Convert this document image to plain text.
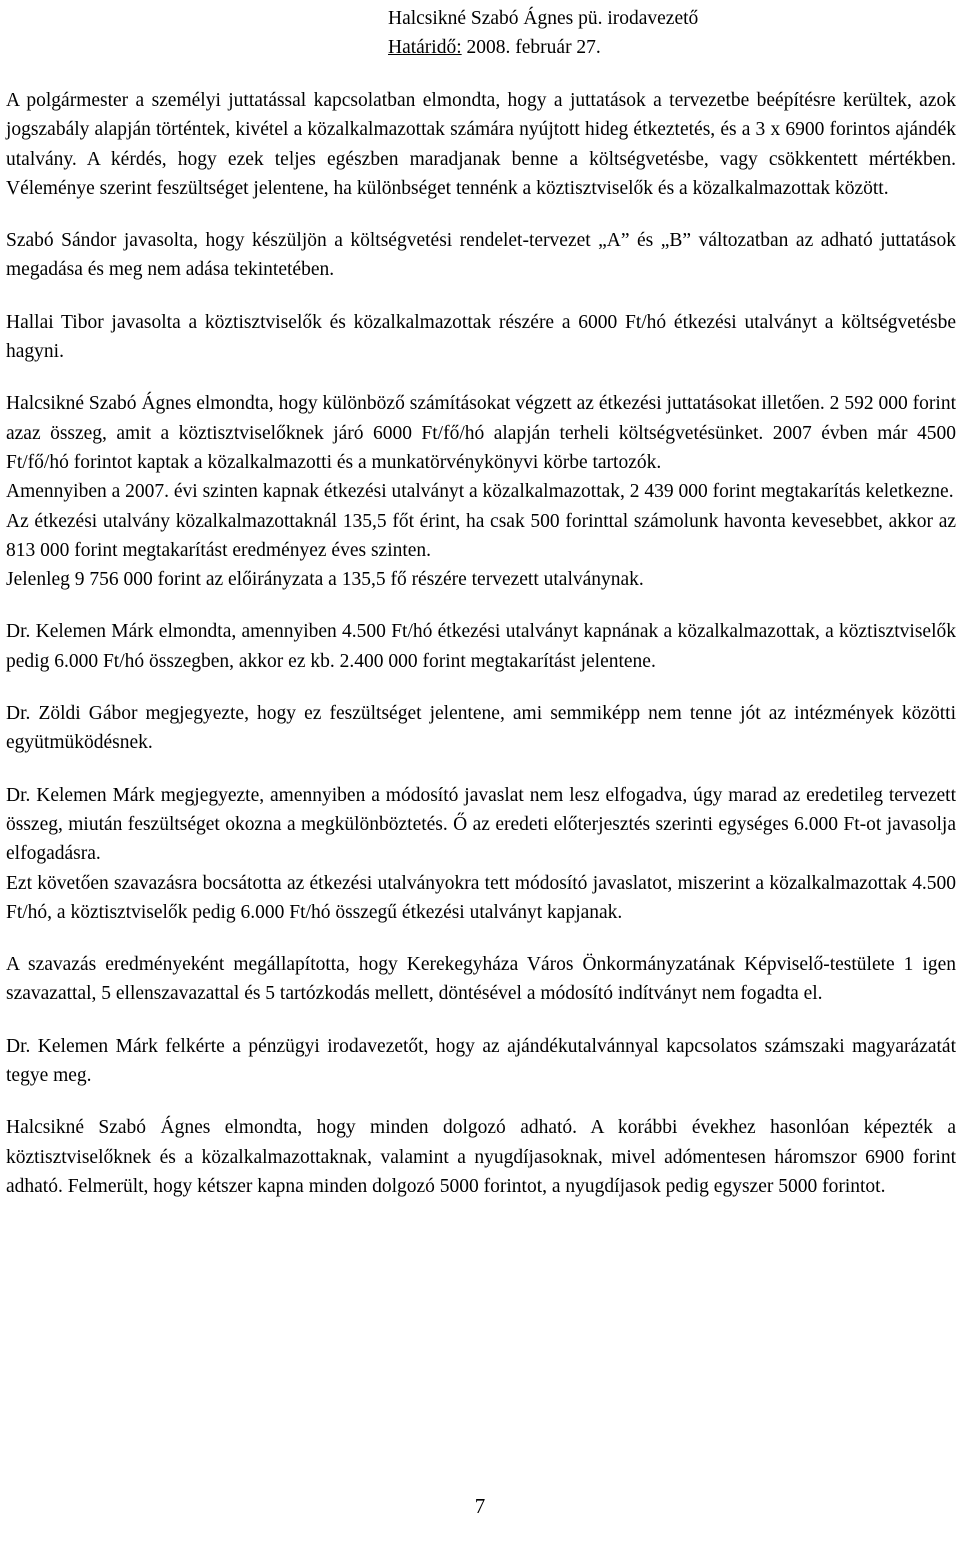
Halcsikné Szabó Ágnes pü. irodavezető
Határidő: 2008. február 27.

A polgármester a személyi juttatással kapcsolatban elmondta, hogy a juttatások a tervezetbe beépítésre kerültek, azok jogszabály alapján történtek, kivétel a közalkalmazottak számára nyújtott hideg étkeztetés, és a 3 x 6900 forintos ajándék utalvány. A kérdés, hogy ezek teljes egészben maradjanak benne a költségvetésbe, vagy csökkentett mértékben. Véleménye szerint feszültséget jelentene, ha különbséget tennénk a köztisztviselők és a közalkalmazottak között.

Szabó Sándor javasolta, hogy készüljön a költségvetési rendelet-tervezet „A” és „B” változatban az adható juttatások megadása és meg nem adása tekintetében.

Hallai Tibor javasolta a köztisztviselők és közalkalmazottak részére a 6000 Ft/hó étkezési utalványt a költségvetésbe hagyni.

Halcsikné Szabó Ágnes elmondta, hogy különböző számításokat végzett az étkezési juttatásokat illetően. 2 592 000 forint azaz összeg, amit a köztisztviselőknek járó 6000 Ft/fő/hó alapján terheli költségvetésünket. 2007 évben már 4500 Ft/fő/hó forintot kaptak a közalkalmazotti és a munkatörvénykönyvi körbe tartozók.

Amennyiben a 2007. évi szinten kapnak étkezési utalványt a közalkalmazottak, 2 439 000 forint megtakarítás keletkezne.

Az étkezési utalvány közalkalmazottaknál 135,5 főt érint, ha csak 500 forinttal számolunk havonta kevesebbet, akkor az 813 000 forint megtakarítást eredményez éves szinten.

Jelenleg 9 756 000 forint az előirányzata a 135,5 fő részére tervezett utalványnak.

Dr. Kelemen Márk elmondta, amennyiben 4.500 Ft/hó étkezési utalványt kapnának a közalkalmazottak, a köztisztviselők pedig 6.000 Ft/hó összegben, akkor ez kb. 2.400 000 forint megtakarítást jelentene.

Dr. Zöldi Gábor megjegyezte, hogy ez feszültséget jelentene, ami semmiképp nem tenne jót az intézmények közötti együtmüködésnek.

Dr. Kelemen Márk megjegyezte, amennyiben a módosító javaslat nem lesz elfogadva, úgy marad az eredetileg tervezett összeg, miután feszültséget okozna a megkülönböztetés. Ő az eredeti előterjesztés szerinti egységes 6.000 Ft-ot javasolja elfogadásra.

Ezt követően szavazásra bocsátotta az étkezési utalványokra tett módosító javaslatot, miszerint a közalkalmazottak 4.500 Ft/hó, a köztisztviselők pedig 6.000 Ft/hó összegű étkezési utalványt kapjanak.

A szavazás eredményeként megállapította, hogy Kerekegyháza Város Önkormányzatának Képviselő-testülete 1 igen szavazattal, 5 ellenszavazattal és 5 tartózkodás mellett, döntésével a módosító indítványt nem fogadta el.

Dr. Kelemen Márk felkérte a pénzügyi irodavezetőt, hogy az ajándékutalvánnyal kapcsolatos számszaki magyarázatát tegye meg.

Halcsikné Szabó Ágnes elmondta, hogy minden dolgozó adható. A korábbi évekhez hasonlóan képezték a köztisztviselőknek és a közalkalmazottaknak, valamint a nyugdíjasoknak, mivel adómentesen háromszor 6900 forint adható. Felmerült, hogy kétszer kapna minden dolgozó 5000 forintot, a nyugdíjasok pedig egyszer 5000 forintot.

7
